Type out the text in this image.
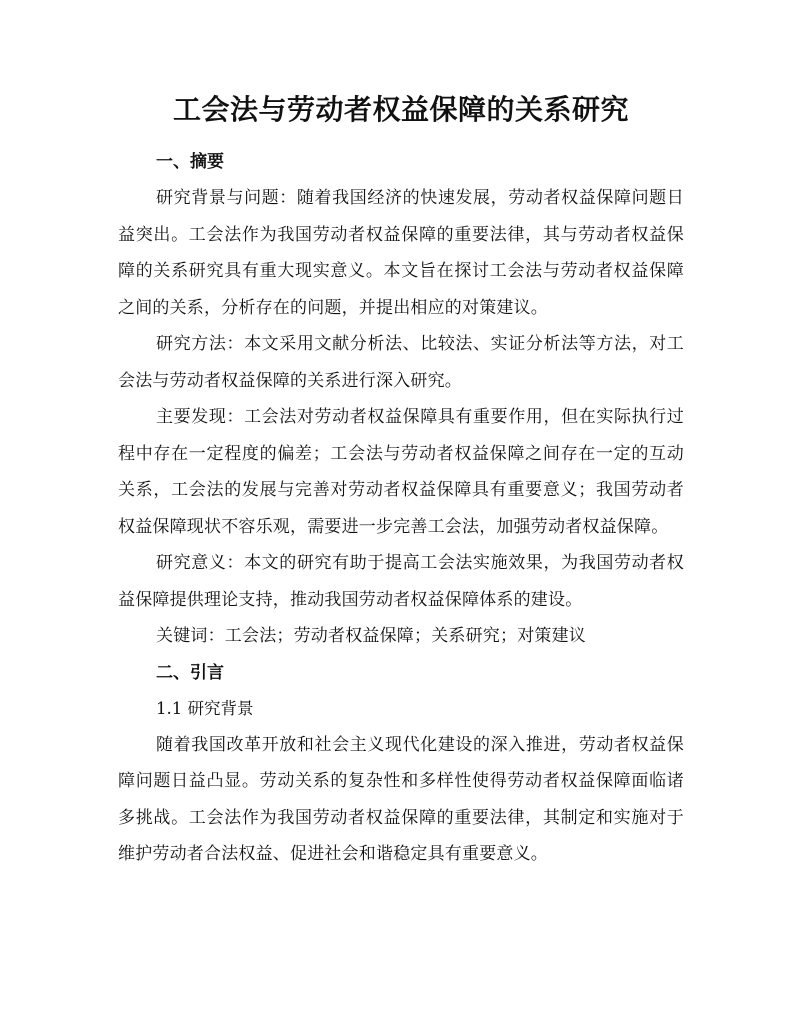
工会法与劳动者权益保障的关系研究
一、摘要

研究背景与问题：随着我国经济的快速发展，劳动者权益保障问题日益突出。工会法作为我国劳动者权益保障的重要法律，其与劳动者权益保障的关系研究具有重大现实意义。本文旨在探讨工会法与劳动者权益保障之间的关系，分析存在的问题，并提出相应的对策建议。

研究方法：本文采用文献分析法、比较法、实证分析法等方法，对工会法与劳动者权益保障的关系进行深入研究。

主要发现：工会法对劳动者权益保障具有重要作用，但在实际执行过程中存在一定程度的偏差；工会法与劳动者权益保障之间存在一定的互动关系，工会法的发展与完善对劳动者权益保障具有重要意义；我国劳动者权益保障现状不容乐观，需要进一步完善工会法，加强劳动者权益保障。

研究意义：本文的研究有助于提高工会法实施效果，为我国劳动者权益保障提供理论支持，推动我国劳动者权益保障体系的建设。

关键词：工会法；劳动者权益保障；关系研究；对策建议

二、引言

1.1 研究背景

随着我国改革开放和社会主义现代化建设的深入推进，劳动者权益保障问题日益凸显。劳动关系的复杂性和多样性使得劳动者权益保障面临诸多挑战。工会法作为我国劳动者权益保障的重要法律，其制定和实施对于维护劳动者合法权益、促进社会和谐稳定具有重要意义。
